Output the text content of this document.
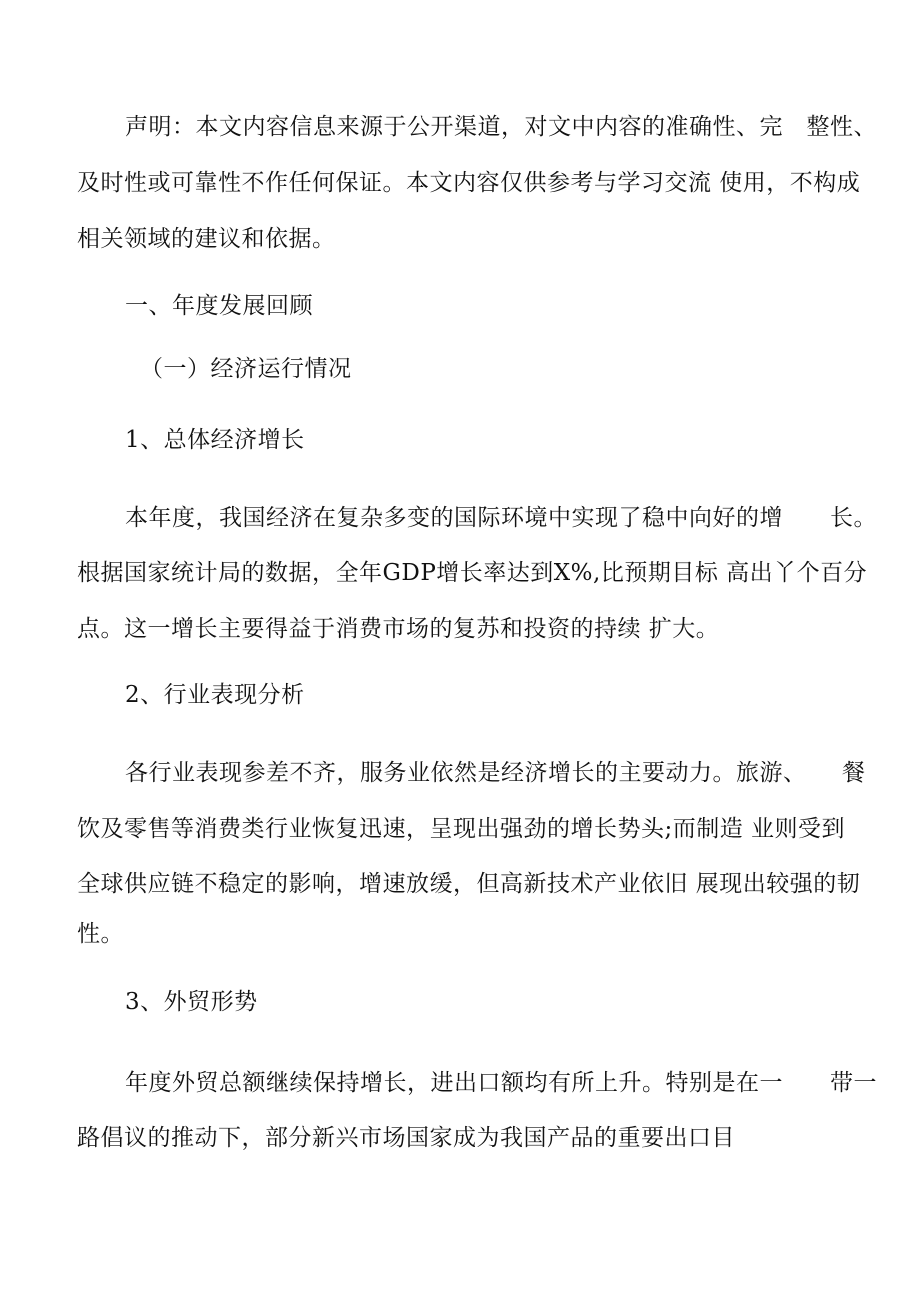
声明：本文内容信息来源于公开渠道，对文中内容的准确性、完　整性、
及时性或可靠性不作任何保证。本文内容仅供参考与学习交流 使用，不构成
相关领域的建议和依据。
一、年度发展回顾
（一）经济运行情况
1、总体经济增长
本年度，我国经济在复杂多变的国际环境中实现了稳中向好的增　　长。
根据国家统计局的数据，全年GDP增长率达到X%,比预期目标 高出丫个百分
点。这一增长主要得益于消费市场的复苏和投资的持续 扩大。
2、行业表现分析
各行业表现参差不齐，服务业依然是经济增长的主要动力。旅游、　　餐
饮及零售等消费类行业恢复迅速，呈现出强劲的增长势头;而制造 业则受到
全球供应链不稳定的影响，增速放缓，但高新技术产业依旧 展现出较强的韧
性。
3、外贸形势
年度外贸总额继续保持增长，进出口额均有所上升。特别是在一　　带一
路倡议的推动下，部分新兴市场国家成为我国产品的重要出口目
